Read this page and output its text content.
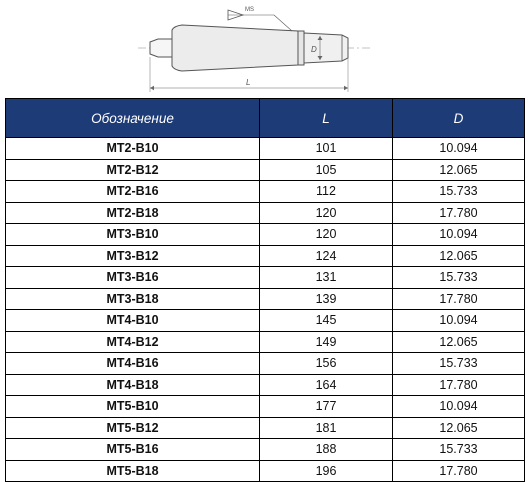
D
L
MS
Обозначение	L	D
MT2-B10	101	10.094
MT2-B12	105	12.065
MT2-B16	112	15.733
MT2-B18	120	17.780
MT3-B10	120	10.094
MT3-B12	124	12.065
MT3-B16	131	15.733
MT3-B18	139	17.780
MT4-B10	145	10.094
MT4-B12	149	12.065
MT4-B16	156	15.733
MT4-B18	164	17.780
MT5-B10	177	10.094
MT5-B12	181	12.065
MT5-B16	188	15.733
MT5-B18	196	17.780
